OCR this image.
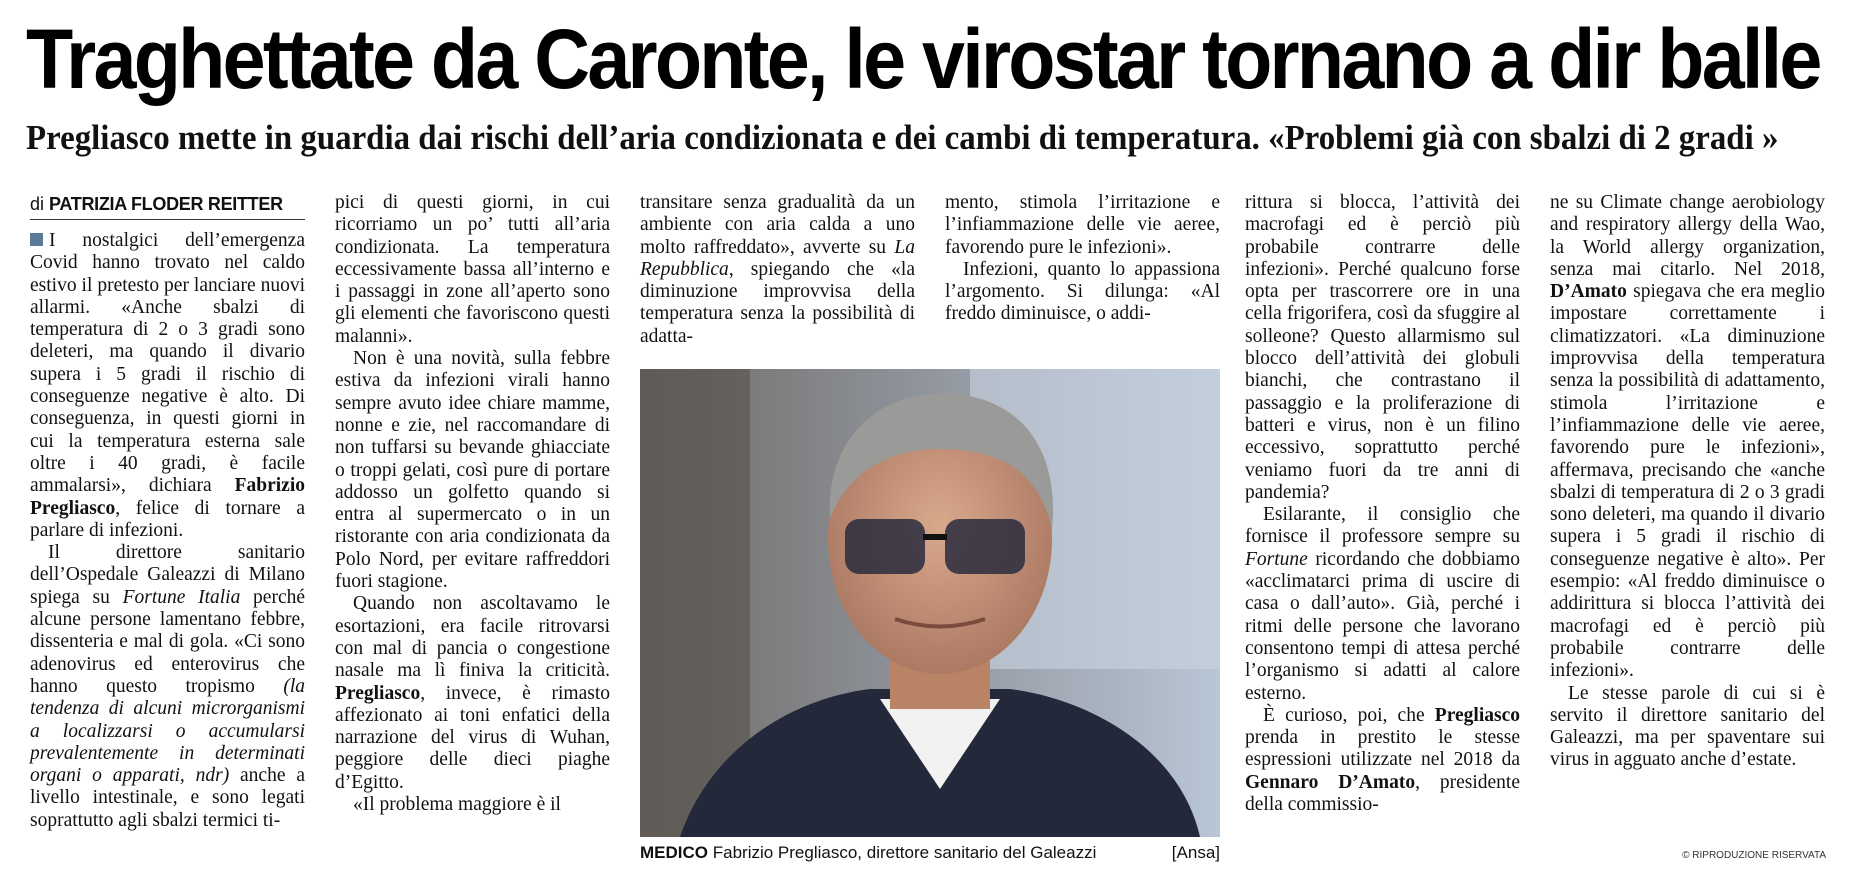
Traghettate da Caronte, le virostar tornano a dir balle
Pregliasco mette in guardia dai rischi dell’aria condizionata e dei cambi di temperatura. «Problemi già con sbalzi di 2 gradi »
di PATRIZIA FLODER REITTER

I nostalgici dell’emergenza Covid hanno trovato nel caldo estivo il pretesto per lanciare nuovi allarmi. «Anche sbalzi di temperatura di 2 o 3 gradi sono deleteri, ma quando il divario supera i 5 gradi il rischio di conseguenze negative è alto. Di conseguenza, in questi giorni in cui la temperatura esterna sale oltre i 40 gradi, è facile ammalarsi», dichiara Fabrizio Pregliasco, felice di tornare a parlare di infezioni.

Il direttore sanitario dell’Ospedale Galeazzi di Milano spiega su Fortune Italia perché alcune persone lamentano febbre, dissenteria e mal di gola. «Ci sono adenovirus ed enterovirus che hanno questo tropismo (la tendenza di alcuni microrganismi a localizzarsi o accumularsi prevalentemente in determinati organi o apparati, ndr) anche a livello intestinale, e sono legati soprattutto agli sbalzi termici ti-

pici di questi giorni, in cui ricorriamo un po’ tutti all’aria condizionata. La temperatura eccessivamente bassa all’interno e i passaggi in zone all’aperto sono gli elementi che favoriscono questi malanni».

Non è una novità, sulla febbre estiva da infezioni virali hanno sempre avuto idee chiare mamme, nonne e zie, nel raccomandare di non tuffarsi su bevande ghiacciate o troppi gelati, così pure di portare addosso un golfetto quando si entra al supermercato o in un ristorante con aria condizionata da Polo Nord, per evitare raffreddori fuori stagione.

Quando non ascoltavamo le esortazioni, era facile ritrovarsi con mal di pancia o congestione nasale ma lì finiva la criticità. Pregliasco, invece, è rimasto affezionato ai toni enfatici della narrazione del virus di Wuhan, peggiore delle dieci piaghe d’Egitto.

«Il problema maggiore è il

transitare senza gradualità da un ambiente con aria calda a uno molto raffreddato», avverte su La Repubblica, spiegando che «la diminuzione improvvisa della temperatura senza la possibilità di adatta-

mento, stimola l’irritazione e l’infiammazione delle vie aeree, favorendo pure le infezioni».

Infezioni, quanto lo appassiona l’argomento. Si dilunga: «Al freddo diminuisce, o addi-

MEDICO Fabrizio Pregliasco, direttore sanitario del Galeazzi	[Ansa]

rittura si blocca, l’attività dei macrofagi ed è perciò più probabile contrarre delle infezioni». Perché qualcuno forse opta per trascorrere ore in una cella frigorifera, così da sfuggire al solleone? Questo allarmismo sul blocco dell’attività dei globuli bianchi, che contrastano il passaggio e la proliferazione di batteri e virus, non è un filino eccessivo, soprattutto perché veniamo fuori da tre anni di pandemia?

Esilarante, il consiglio che fornisce il professore sempre su Fortune ricordando che dobbiamo «acclimatarci prima di uscire di casa o dall’auto». Già, perché i ritmi delle persone che lavorano consentono tempi di attesa perché l’organismo si adatti al calore esterno.

È curioso, poi, che Pregliasco prenda in prestito le stesse espressioni utilizzate nel 2018 da Gennaro D’Amato, presidente della commissio-

ne su Climate change aerobiology and respiratory allergy della Wao, la World allergy organization, senza mai citarlo. Nel 2018, D’Amato spiegava che era meglio impostare correttamente i climatizzatori. «La diminuzione improvvisa della temperatura senza la possibilità di adattamento, stimola l’irritazione e l’infiammazione delle vie aeree, favorendo pure le infezioni», affermava, precisando che «anche sbalzi di temperatura di 2 o 3 gradi sono deleteri, ma quando il divario supera i 5 gradi il rischio di conseguenze negative è alto». Per esempio: «Al freddo diminuisce o addirittura si blocca l’attività dei macrofagi ed è perciò più probabile contrarre delle infezioni».

Le stesse parole di cui si è servito il direttore sanitario del Galeazzi, ma per spaventare sui virus in agguato anche d’estate.

© RIPRODUZIONE RISERVATA
